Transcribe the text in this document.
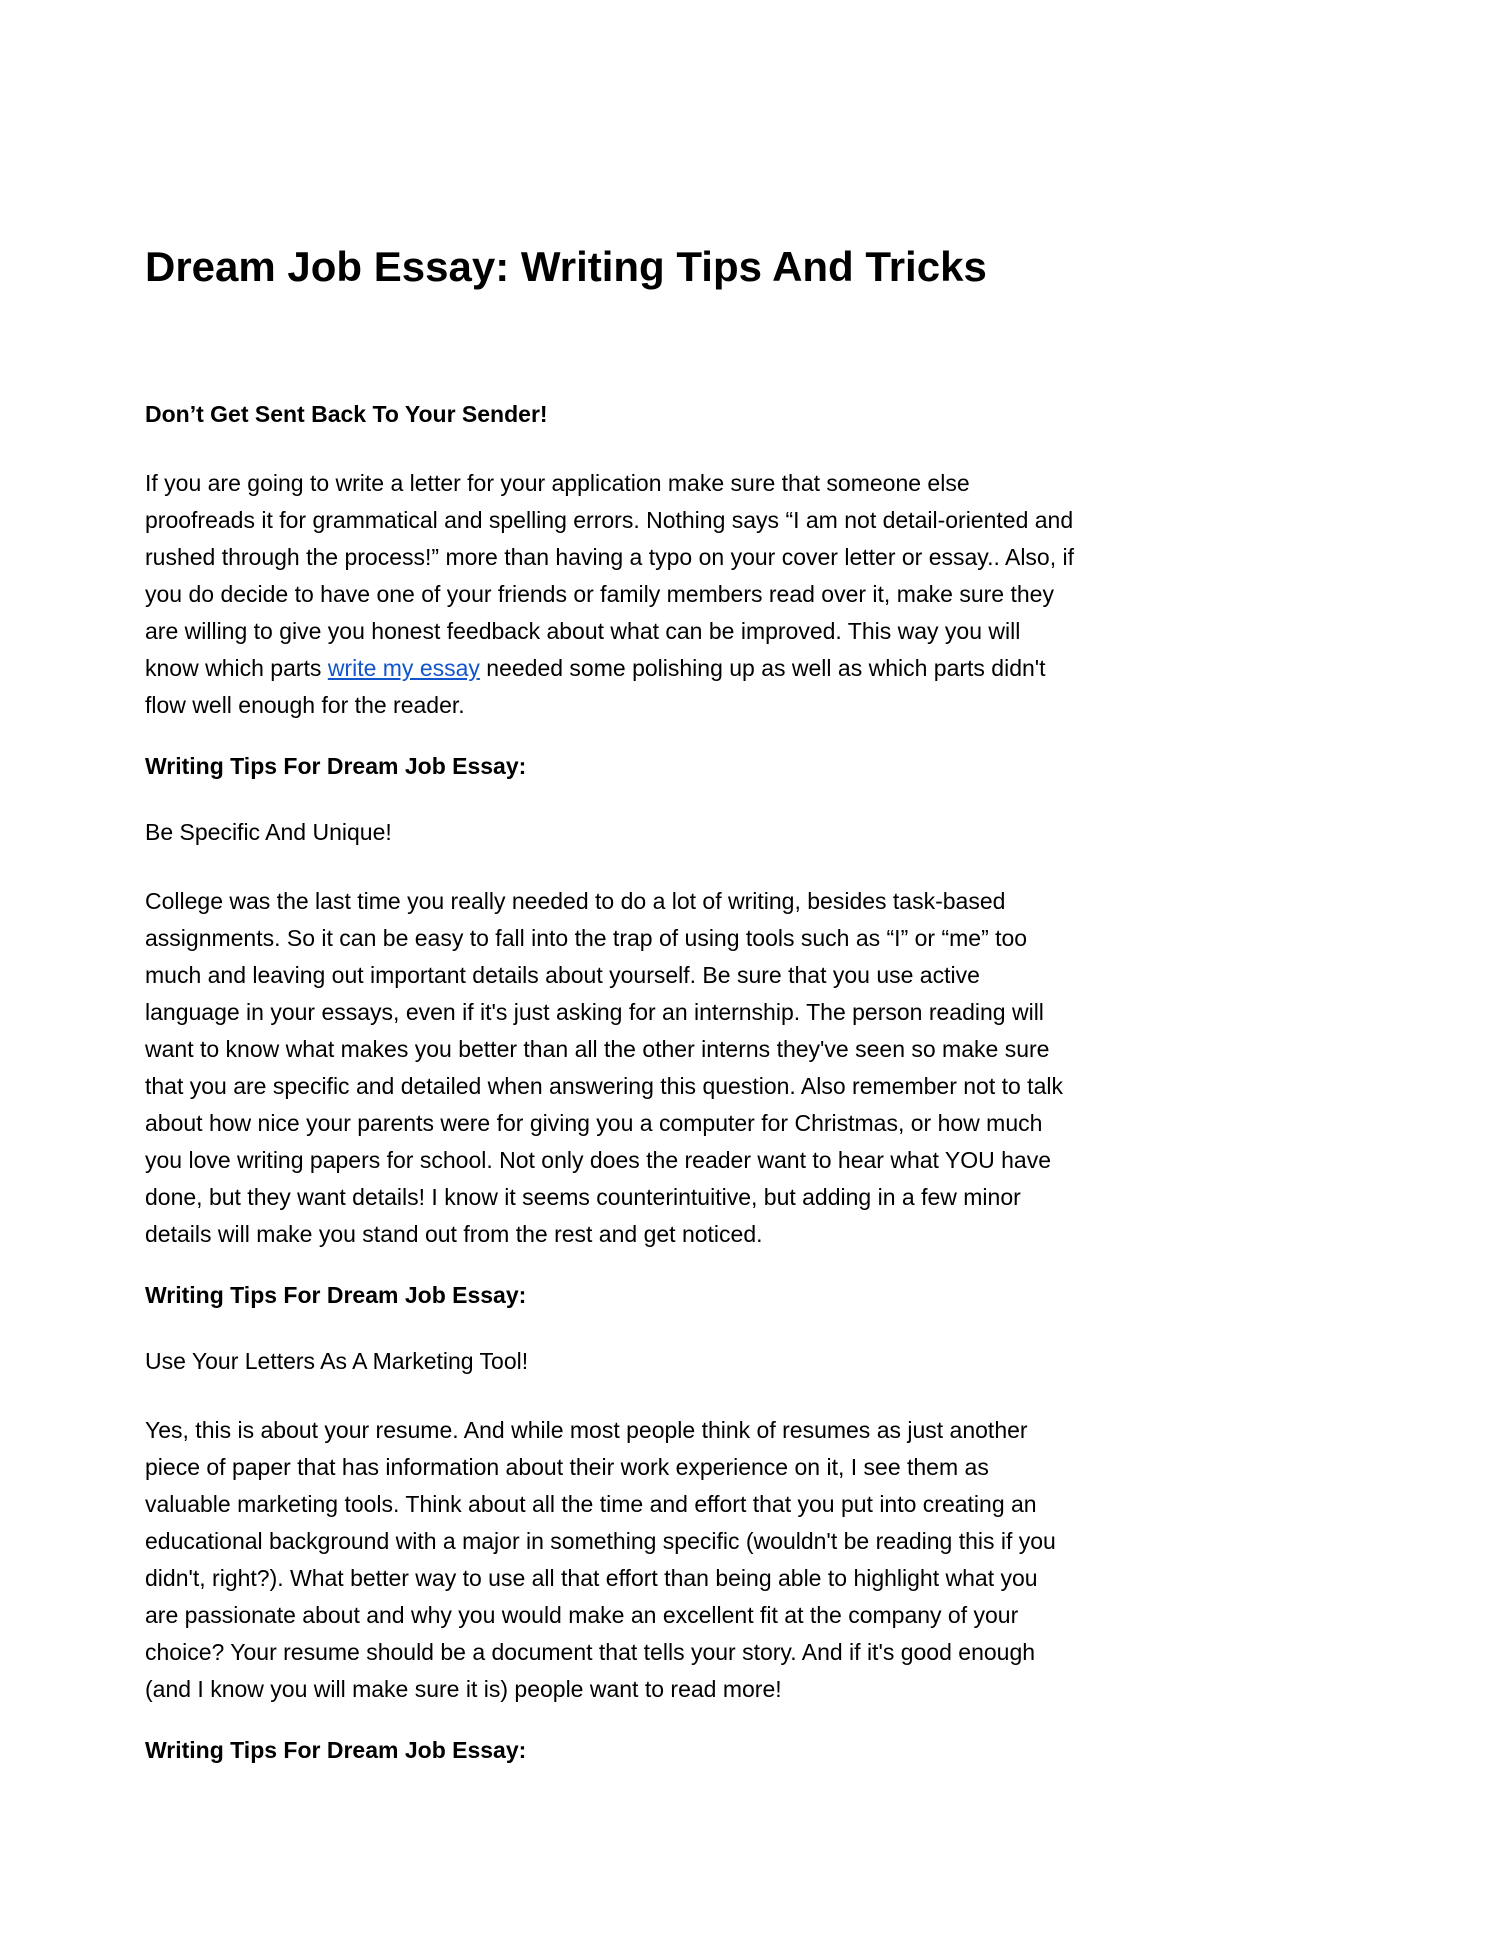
Dream Job Essay: Writing Tips And Tricks
Don’t Get Sent Back To Your Sender!

If you are going to write a letter for your application make sure that someone else proofreads it for grammatical and spelling errors. Nothing says “I am not detail-oriented and rushed through the process!” more than having a typo on your cover letter or essay.. Also, if you do decide to have one of your friends or family members read over it, make sure they are willing to give you honest feedback about what can be improved. This way you will know which parts write my essay needed some polishing up as well as which parts didn't flow well enough for the reader.

Writing Tips For Dream Job Essay:

Be Specific And Unique!

College was the last time you really needed to do a lot of writing, besides task-based assignments. So it can be easy to fall into the trap of using tools such as “I” or “me” too much and leaving out important details about yourself. Be sure that you use active language in your essays, even if it's just asking for an internship. The person reading will want to know what makes you better than all the other interns they've seen so make sure that you are specific and detailed when answering this question. Also remember not to talk about how nice your parents were for giving you a computer for Christmas, or how much you love writing papers for school. Not only does the reader want to hear what YOU have done, but they want details! I know it seems counterintuitive, but adding in a few minor details will make you stand out from the rest and get noticed.

Writing Tips For Dream Job Essay:

Use Your Letters As A Marketing Tool!

Yes, this is about your resume. And while most people think of resumes as just another piece of paper that has information about their work experience on it, I see them as valuable marketing tools. Think about all the time and effort that you put into creating an educational background with a major in something specific (wouldn't be reading this if you didn't, right?). What better way to use all that effort than being able to highlight what you are passionate about and why you would make an excellent fit at the company of your choice? Your resume should be a document that tells your story. And if it's good enough (and I know you will make sure it is) people want to read more!

Writing Tips For Dream Job Essay:
